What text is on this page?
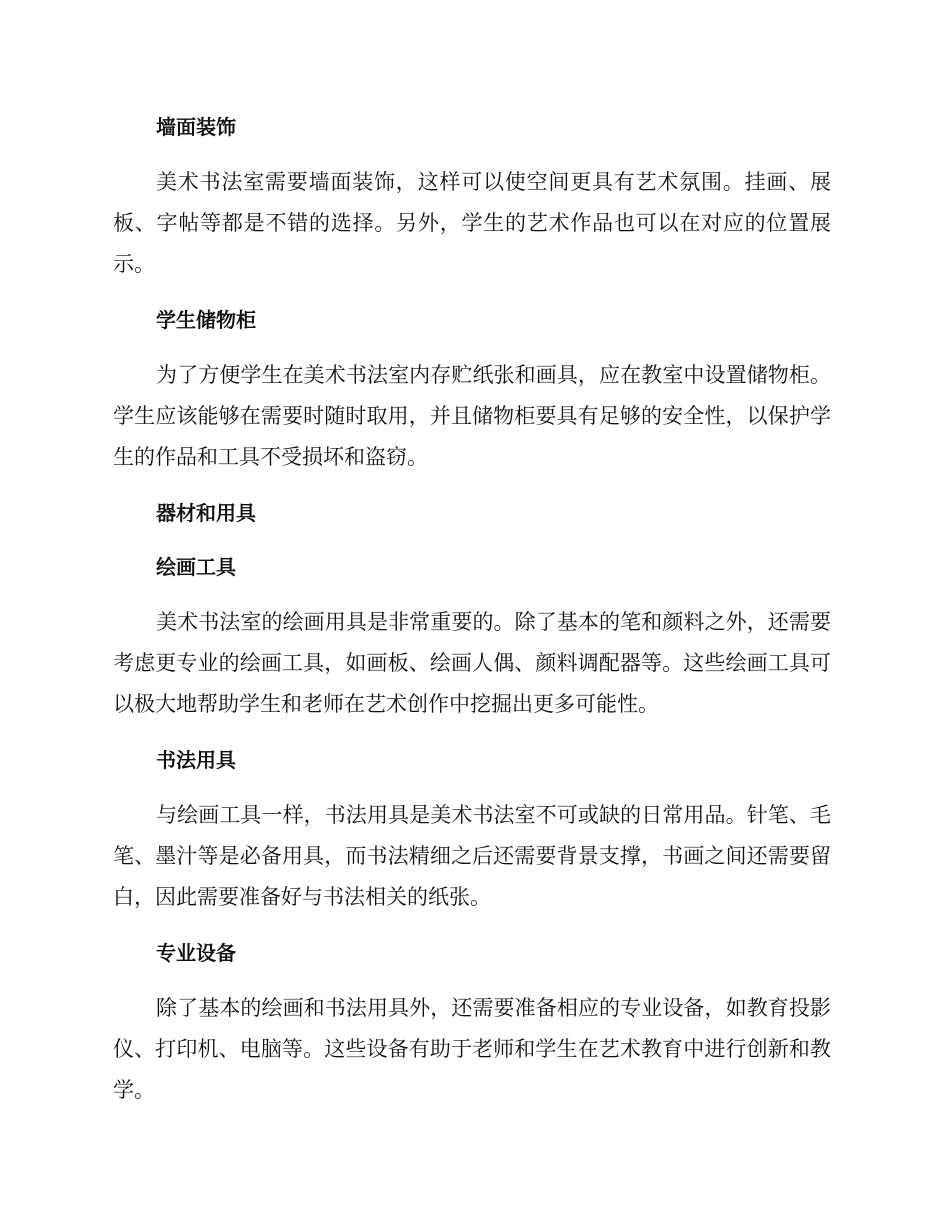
墙面装饰

美术书法室需要墙面装饰，这样可以使空间更具有艺术氛围。挂画、展板、字帖等都是不错的选择。另外，学生的艺术作品也可以在对应的位置展示。

学生储物柜

为了方便学生在美术书法室内存贮纸张和画具，应在教室中设置储物柜。学生应该能够在需要时随时取用，并且储物柜要具有足够的安全性，以保护学生的作品和工具不受损坏和盗窃。

器材和用具
绘画工具

美术书法室的绘画用具是非常重要的。除了基本的笔和颜料之外，还需要考虑更专业的绘画工具，如画板、绘画人偶、颜料调配器等。这些绘画工具可以极大地帮助学生和老师在艺术创作中挖掘出更多可能性。

书法用具

与绘画工具一样，书法用具是美术书法室不可或缺的日常用品。针笔、毛笔、墨汁等是必备用具，而书法精细之后还需要背景支撑，书画之间还需要留白，因此需要准备好与书法相关的纸张。

专业设备

除了基本的绘画和书法用具外，还需要准备相应的专业设备，如教育投影仪、打印机、电脑等。这些设备有助于老师和学生在艺术教育中进行创新和教学。
